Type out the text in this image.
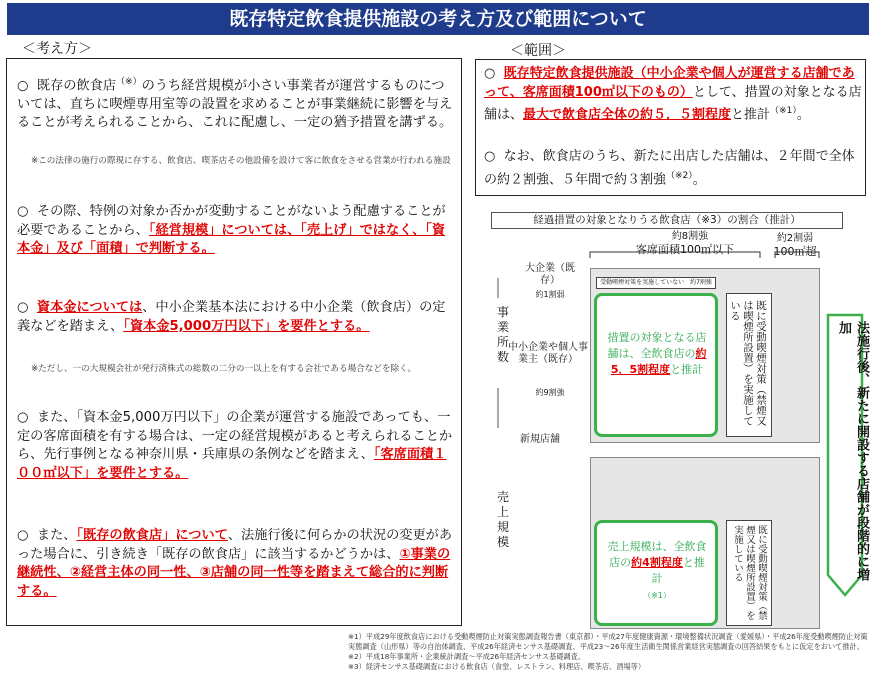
既存特定飲食提供施設の考え方及び範囲について
＜考え方＞
○ 既存の飲食店（※）のうち経営規模が小さい事業者が運営するものについては、直ちに喫煙専用室等の設置を求めることが事業継続に影響を与えることが考えられることから、これに配慮し、一定の猶予措置を講ずる。
※この法律の施行の際現に存する、飲食店、喫茶店その他設備を設けて客に飲食をさせる営業が行われる施設
○ その際、特例の対象か否かが変動することがないよう配慮することが必要であることから、「経営規模」については、「売上げ」ではなく、「資本金」及び「面積」で判断する。
○ 資本金については、中小企業基本法における中小企業（飲食店）の定義などを踏まえ、「資本金5,000万円以下」を要件とする。
※ただし、一の大規模会社が発行済株式の総数の二分の一以上を有する会社である場合などを除く。
○ また、「資本金5,000万円以下」の企業が運営する施設であっても、一定の客席面積を有する場合は、一定の経営規模があると考えられることから、先行事例となる神奈川県・兵庫県の条例などを踏まえ、「客席面積１００㎡以下」を要件とする。
○ また、「既存の飲食店」について、法施行後に何らかの状況の変更があった場合に、引き続き「既存の飲食店」に該当するかどうかは、①事業の継続性、②経営主体の同一性、③店舗の同一性等を踏まえて総合的に判断する。
＜範囲＞
○ 既存特定飲食提供施設（中小企業や個人が運営する店舗であって、客席面積100㎡以下のもの）として、措置の対象となる店舗は、最大で飲食店全体の約５．５割程度と推計$^{(※1)}$。
○ なお、飲食店のうち、新たに出店した店舗は、２年間で全体の約２割強、５年間で約３割強$^{(※2)}$。
経過措置の対象となりうる飲食店（※3）の割合（推計）
約8割強
客席面積100㎡以下
約2割弱
100㎡超
大企業（既存）
約1割弱
中小企業や個人事業主（既存）
約9割強
新規店舗
事業所数
売上規模
受動喫煙対策を実施していない　約7割強
措置の対象となる店舗は、全飲食店の約5．5割程度と推計	既に受動喫煙対策（禁煙又は喫煙所設置）を実施している
売上規模は、全飲食店の約4割程度と推計
（※1）	既に受動喫煙対策（禁煙又は喫煙所設置）を実施している	法施行後、新たに開設する店舗が段階的に増加
※1）平成29年度飲食店における受動喫煙防止対策実態調査報告書（東京都）・平成27年度健康資源・環境整備状況調査（愛媛県）・平成26年度受動喫煙防止対策実態調査（山形県）等の自治体調査、平成26年経済センサス基礎調査、平成23〜26年度生活衛生関係営業経営実態調査の回答結果をもとに仮定をおいて推計。
※2）平成18年事業所・企業統計調査〜平成26年経済センサス基礎調査。
※3）経済センサス基礎調査における飲食店（食堂、レストラン、料理店、喫茶店、酒場等）
